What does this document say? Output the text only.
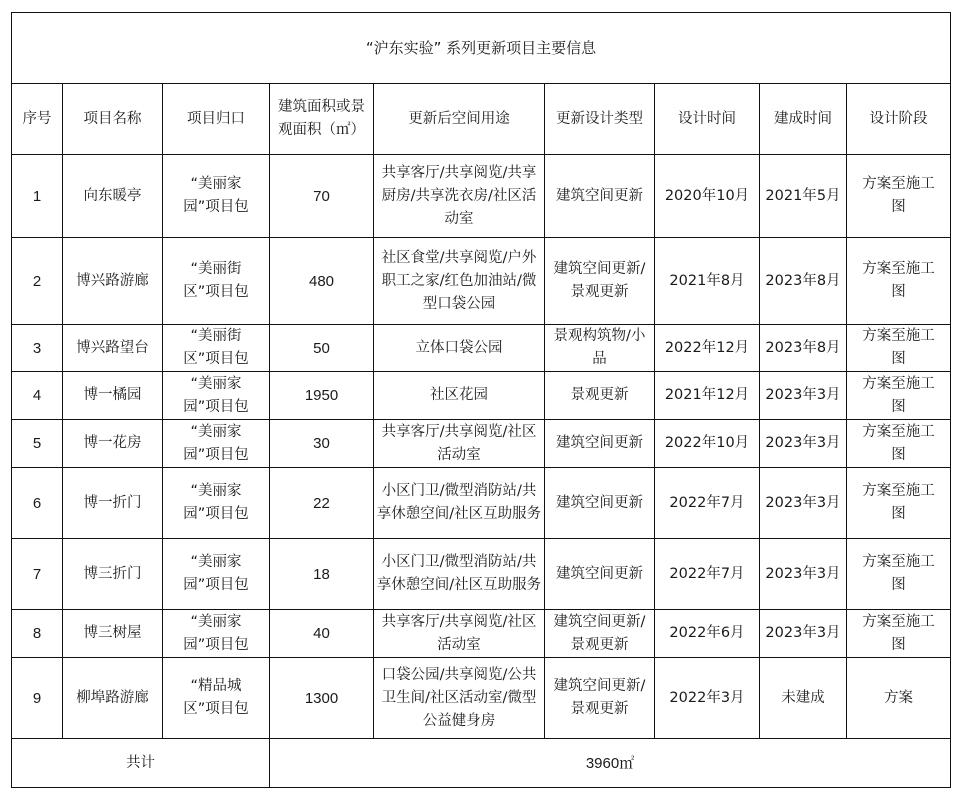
“沪东实验” 系列更新项目主要信息								
序号	项目名称	项目归口	建筑面积或景观面积（㎡）	更新后空间用途	更新设计类型	设计时间	建成时间	设计阶段
1	向东暖亭	“美丽家园”项目包	70	共享客厅/共享阅览/共享厨房/共享洗衣房/社区活动室	建筑空间更新	2020年10月	2021年5月	方案至施工图
2	博兴路游廊	“美丽街区”项目包	480	社区食堂/共享阅览/户外职工之家/红色加油站/微型口袋公园	建筑空间更新/景观更新	2021年8月	2023年8月	方案至施工图
3	博兴路望台	“美丽街区”项目包	50	立体口袋公园	景观构筑物/小品	2022年12月	2023年8月	方案至施工图
4	博一橘园	“美丽家园”项目包	1950	社区花园	景观更新	2021年12月	2023年3月	方案至施工图
5	博一花房	“美丽家园”项目包	30	共享客厅/共享阅览/社区活动室	建筑空间更新	2022年10月	2023年3月	方案至施工图
6	博一折门	“美丽家园”项目包	22	小区门卫/微型消防站/共享休憩空间/社区互助服务	建筑空间更新	2022年7月	2023年3月	方案至施工图
7	博三折门	“美丽家园”项目包	18	小区门卫/微型消防站/共享休憩空间/社区互助服务	建筑空间更新	2022年7月	2023年3月	方案至施工图
8	博三树屋	“美丽家园”项目包	40	共享客厅/共享阅览/社区活动室	建筑空间更新/景观更新	2022年6月	2023年3月	方案至施工图
9	柳埠路游廊	“精品城区”项目包	1300	口袋公园/共享阅览/公共卫生间/社区活动室/微型公益健身房	建筑空间更新/景观更新	2022年3月	未建成	方案
共计			3960㎡					
